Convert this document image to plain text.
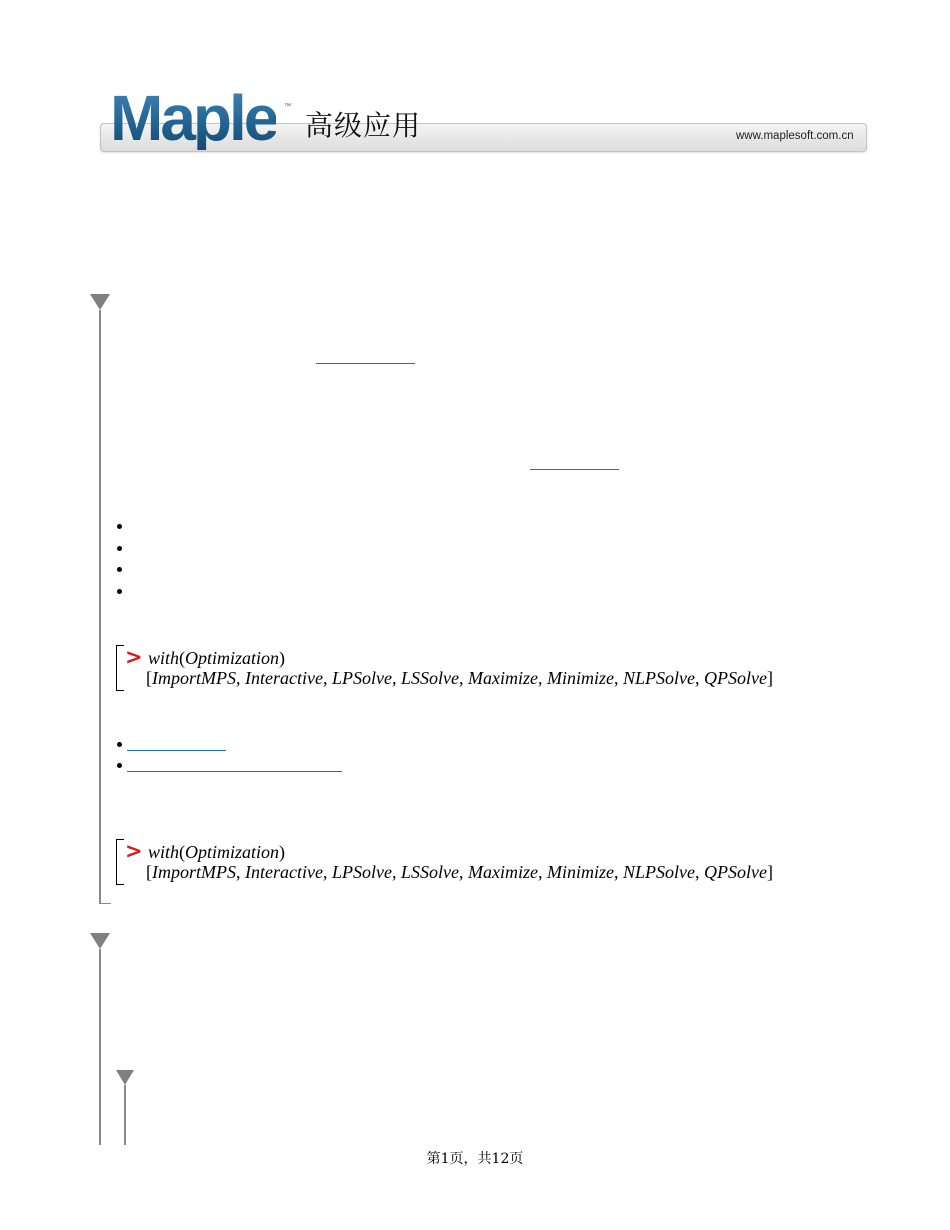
Maple ™
高级应用	www.maplesoft.com.cn
> with(Optimization)
[ImportMPS, Interactive, LPSolve, LSSolve, Maximize, Minimize, NLPSolve, QPSolve]
> with(Optimization)
[ImportMPS, Interactive, LPSolve, LSSolve, Maximize, Minimize, NLPSolve, QPSolve]
第1页，共12页
